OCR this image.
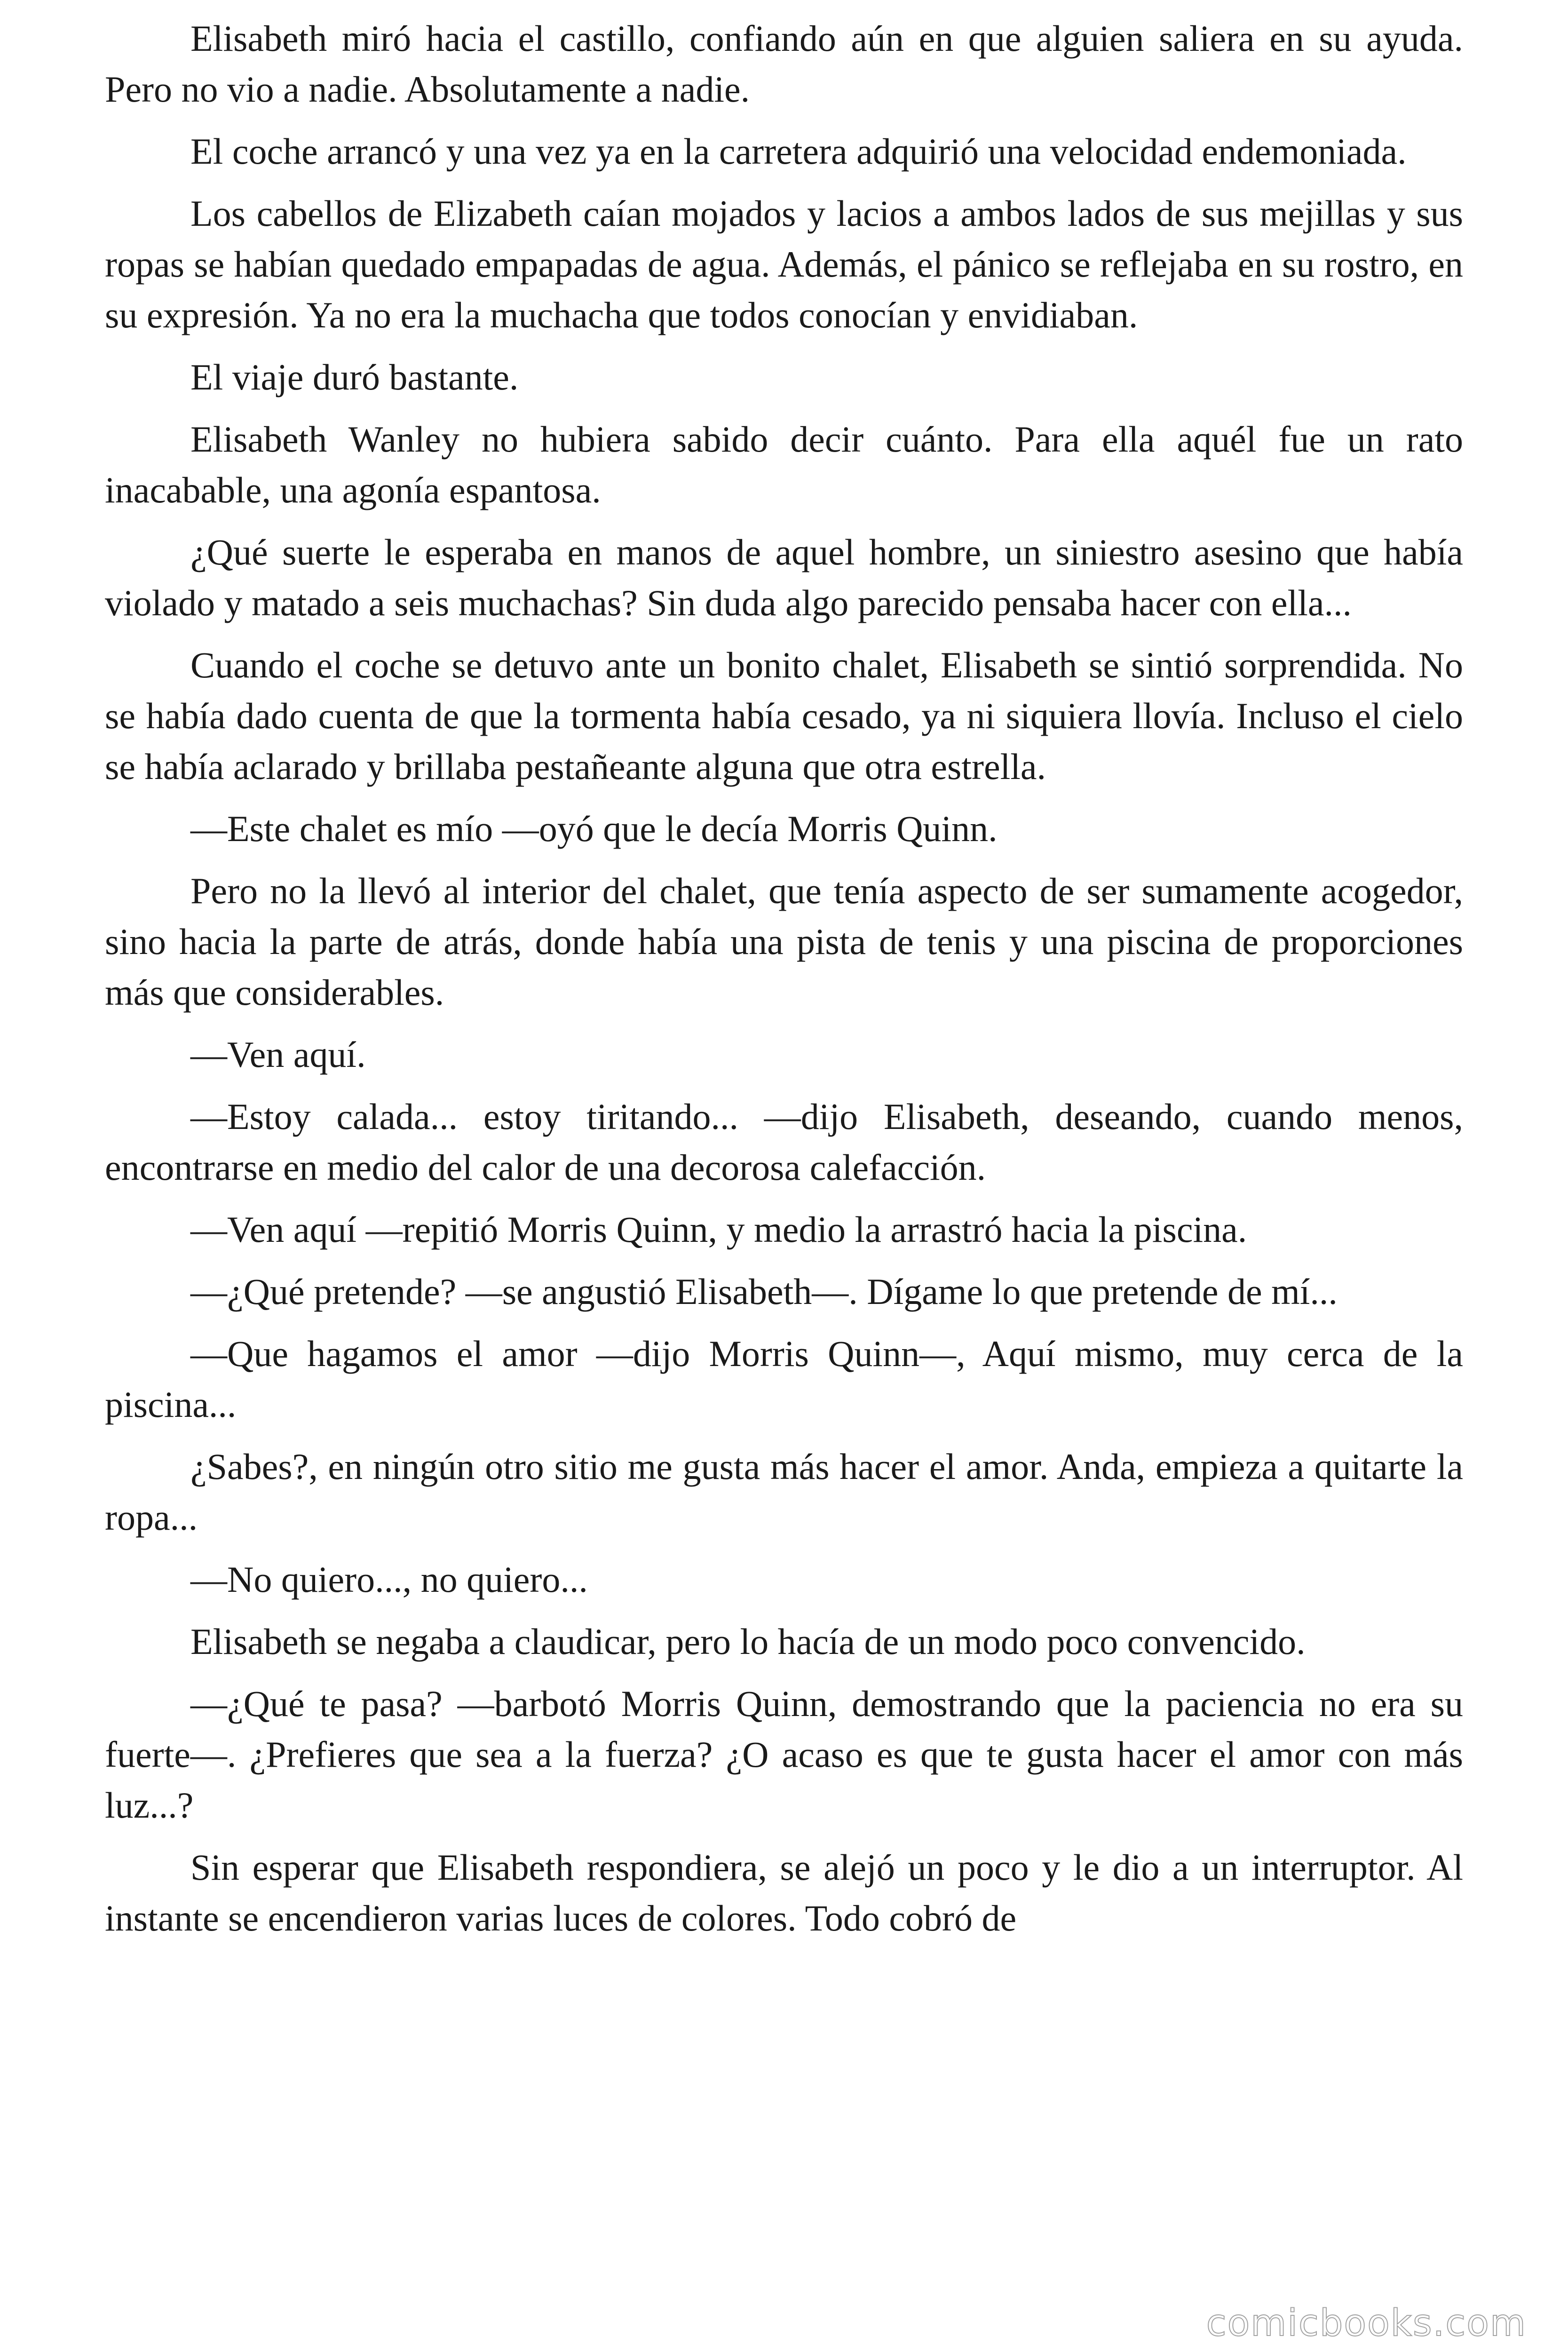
Elisabeth miró hacia el castillo, confiando aún en que alguien saliera en su ayuda. Pero no vio a nadie. Absolutamente a nadie.

El coche arrancó y una vez ya en la carretera adquirió una velocidad endemoniada.

Los cabellos de Elizabeth caían mojados y lacios a ambos lados de sus mejillas y sus ropas se habían quedado empapadas de agua. Además, el pánico se reflejaba en su rostro, en su expresión. Ya no era la muchacha que todos conocían y envidiaban.

El viaje duró bastante.

Elisabeth Wanley no hubiera sabido decir cuánto. Para ella aquél fue un rato inacabable, una agonía espantosa.

¿Qué suerte le esperaba en manos de aquel hombre, un siniestro asesino que había violado y matado a seis muchachas? Sin duda algo parecido pensaba hacer con ella...

Cuando el coche se detuvo ante un bonito chalet, Elisabeth se sintió sorprendida. No se había dado cuenta de que la tormenta había cesado, ya ni siquiera llovía. Incluso el cielo se había aclarado y brillaba pestañeante alguna que otra estrella.

—Este chalet es mío —oyó que le decía Morris Quinn.

Pero no la llevó al interior del chalet, que tenía aspecto de ser sumamente acogedor, sino hacia la parte de atrás, donde había una pista de tenis y una piscina de proporciones más que considerables.

—Ven aquí.

—Estoy calada... estoy tiritando... —dijo Elisabeth, deseando, cuando menos, encontrarse en medio del calor de una decorosa calefacción.

—Ven aquí —repitió Morris Quinn, y medio la arrastró hacia la piscina.

—¿Qué pretende? —se angustió Elisabeth—. Dígame lo que pretende de mí...

—Que hagamos el amor —dijo Morris Quinn—, Aquí mismo, muy cerca de la piscina...

¿Sabes?, en ningún otro sitio me gusta más hacer el amor. Anda, empieza a quitarte la ropa...

—No quiero..., no quiero...

Elisabeth se negaba a claudicar, pero lo hacía de un modo poco convencido.

—¿Qué te pasa? —barbotó Morris Quinn, demostrando que la paciencia no era su fuerte—. ¿Prefieres que sea a la fuerza? ¿O acaso es que te gusta hacer el amor con más luz...?

Sin esperar que Elisabeth respondiera, se alejó un poco y le dio a un interruptor. Al instante se encendieron varias luces de colores. Todo cobró de

comicbooks.com
